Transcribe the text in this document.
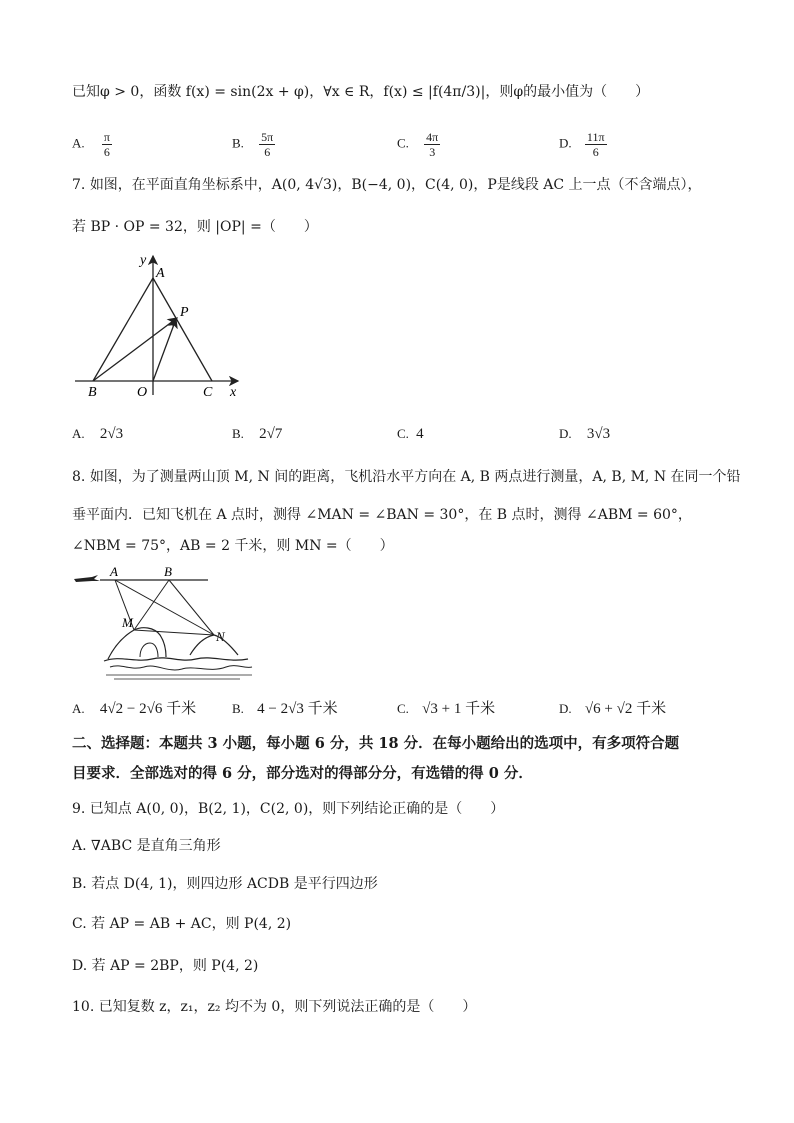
已知φ > 0，函数 f(x) = sin(2x + φ)，∀x ∈ R，f(x) ≤ |f(4π/3)|，则φ的最小值为（　　）
A. $\frac{\pi}{6}$	B. $\frac{5\pi}{6}$	C. $\frac{4\pi}{3}$	D. $\frac{11\pi}{6}$
7. 如图，在平面直角坐标系中，A(0, 4√3)，B(−4, 0)，C(4, 0)，P是线段 AC 上一点（不含端点），
若 BP · OP = 32，则 |OP| =（　　）
y
A
P
B	O	C x
A. 2√3	B. 2√7	C. 4	D. 3√3
8. 如图，为了测量两山顶 M, N 间的距离，飞机沿水平方向在 A, B 两点进行测量，A, B, M, N 在同一个铅
垂平面内．已知飞机在 A 点时，测得 ∠MAN = ∠BAN = 30°，在 B 点时，测得 ∠ABM = 60°，
∠NBM = 75°，AB = 2 千米，则 MN =（　　）
A	B
M
N
A. 4√2 − 2√6 千米	B. 4 − 2√3 千米	C. √3 + 1 千米	D. √6 + √2 千米
二、选择题：本题共 3 小题，每小题 6 分，共 18 分．在每小题给出的选项中，有多项符合题
目要求．全部选对的得 6 分，部分选对的得部分分，有选错的得 0 分．
9. 已知点 A(0, 0)，B(2, 1)，C(2, 0)，则下列结论正确的是（　　）
A. ∇ABC 是直角三角形
B. 若点 D(4, 1)，则四边形 ACDB 是平行四边形
C. 若 AP = AB + AC，则 P(4, 2)
D. 若 AP = 2BP，则 P(4, 2)
10. 已知复数 z，z₁，z₂ 均不为 0，则下列说法正确的是（　　）
